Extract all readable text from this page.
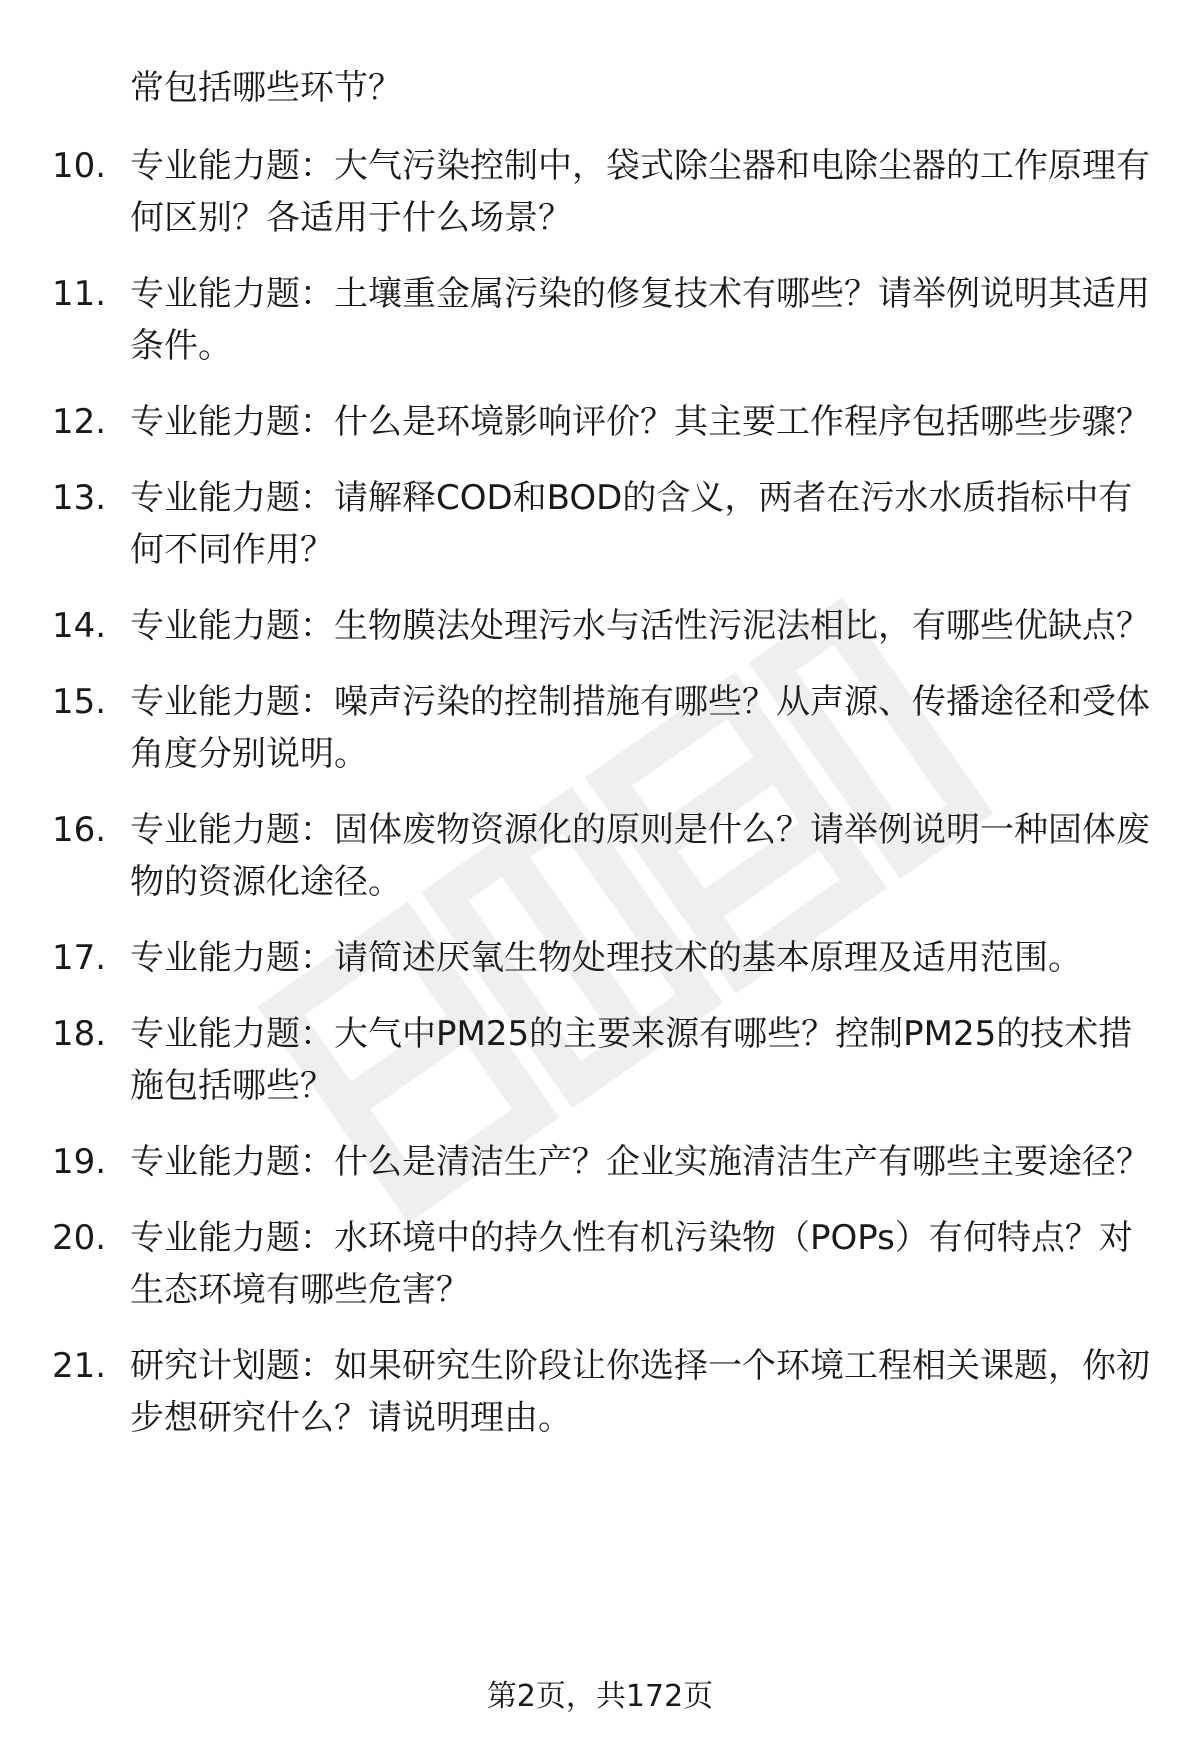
常包括哪些环节？

10. 专业能力题：大气污染控制中，袋式除尘器和电除尘器的工作原理有何区别？各适用于什么场景？
11. 专业能力题：土壤重金属污染的修复技术有哪些？请举例说明其适用条件。
12. 专业能力题：什么是环境影响评价？其主要工作程序包括哪些步骤？
13. 专业能力题：请解释COD和BOD的含义，两者在污水水质指标中有何不同作用？
14. 专业能力题：生物膜法处理污水与活性污泥法相比，有哪些优缺点？
15. 专业能力题：噪声污染的控制措施有哪些？从声源、传播途径和受体角度分别说明。
16. 专业能力题：固体废物资源化的原则是什么？请举例说明一种固体废物的资源化途径。
17. 专业能力题：请简述厌氧生物处理技术的基本原理及适用范围。
18. 专业能力题：大气中PM25的主要来源有哪些？控制PM25的技术措施包括哪些？
19. 专业能力题：什么是清洁生产？企业实施清洁生产有哪些主要途径？
20. 专业能力题：水环境中的持久性有机污染物（POPs）有何特点？对生态环境有哪些危害？
21. 研究计划题：如果研究生阶段让你选择一个环境工程相关课题，你初步想研究什么？请说明理由。
第2页，共172页
